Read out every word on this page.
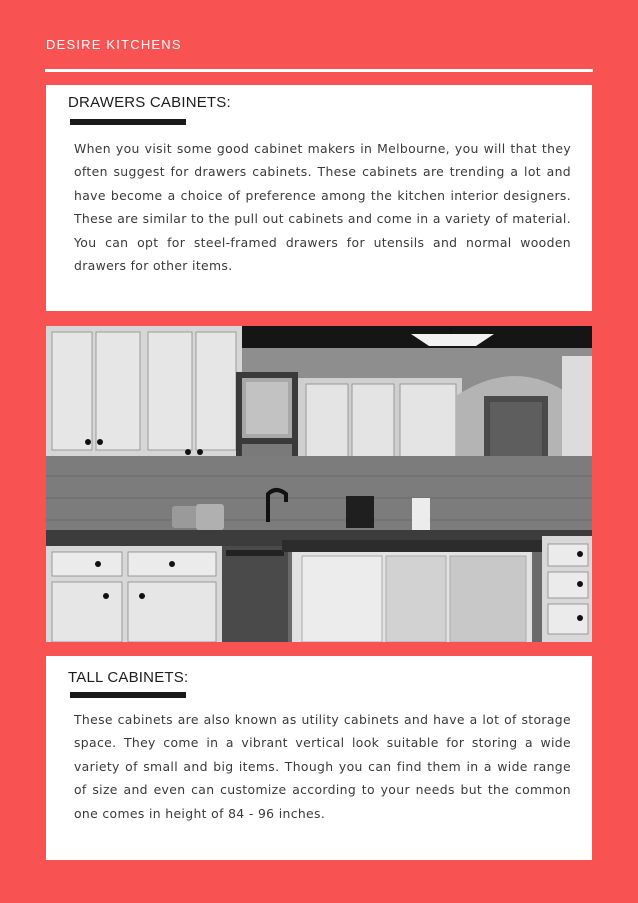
DESIRE KITCHENS
DRAWERS CABINETS:

When you visit some good cabinet makers in Melbourne, you will that they often suggest for drawers cabinets. These cabinets are trending a lot and have become a choice of preference among the kitchen interior designers. These are similar to the pull out cabinets and come in a variety of material. You can opt for steel-framed drawers for utensils and normal wooden drawers for other items.

TALL CABINETS:

These cabinets are also known as utility cabinets and have a lot of storage space. They come in a vibrant vertical look suitable for storing a wide variety of small and big items. Though you can find them in a wide range of size and even can customize according to your needs but the common one comes in height of 84 - 96 inches.
